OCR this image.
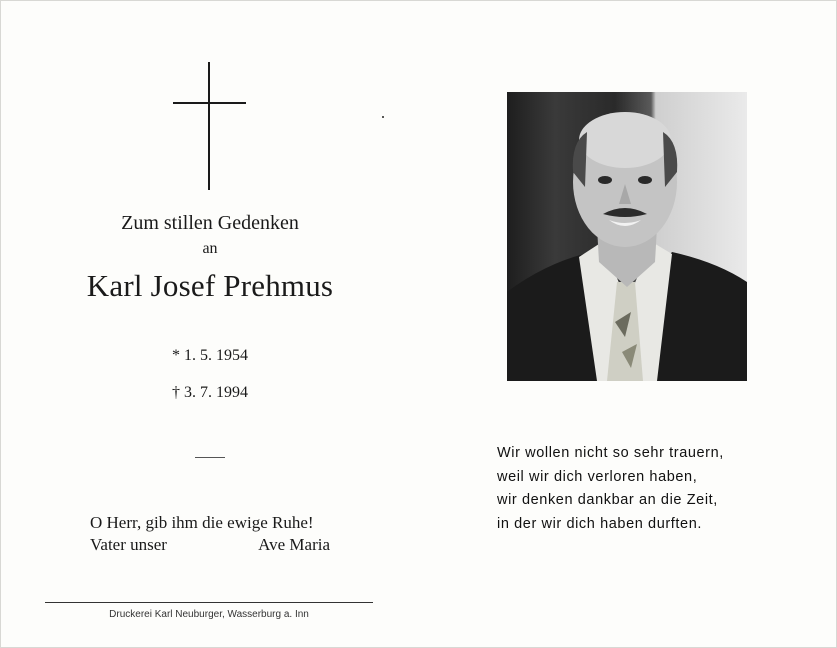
Zum stillen Gedenken
an
Karl Josef Prehmus
* 1. 5. 1954
† 3. 7. 1994
O Herr, gib ihm die ewige Ruhe!
Vater unser	Ave Maria
Druckerei Karl Neuburger, Wasserburg a. Inn
Wir wollen nicht so sehr trauern,
weil wir dich verloren haben,
wir denken dankbar an die Zeit,
in der wir dich haben durften.
